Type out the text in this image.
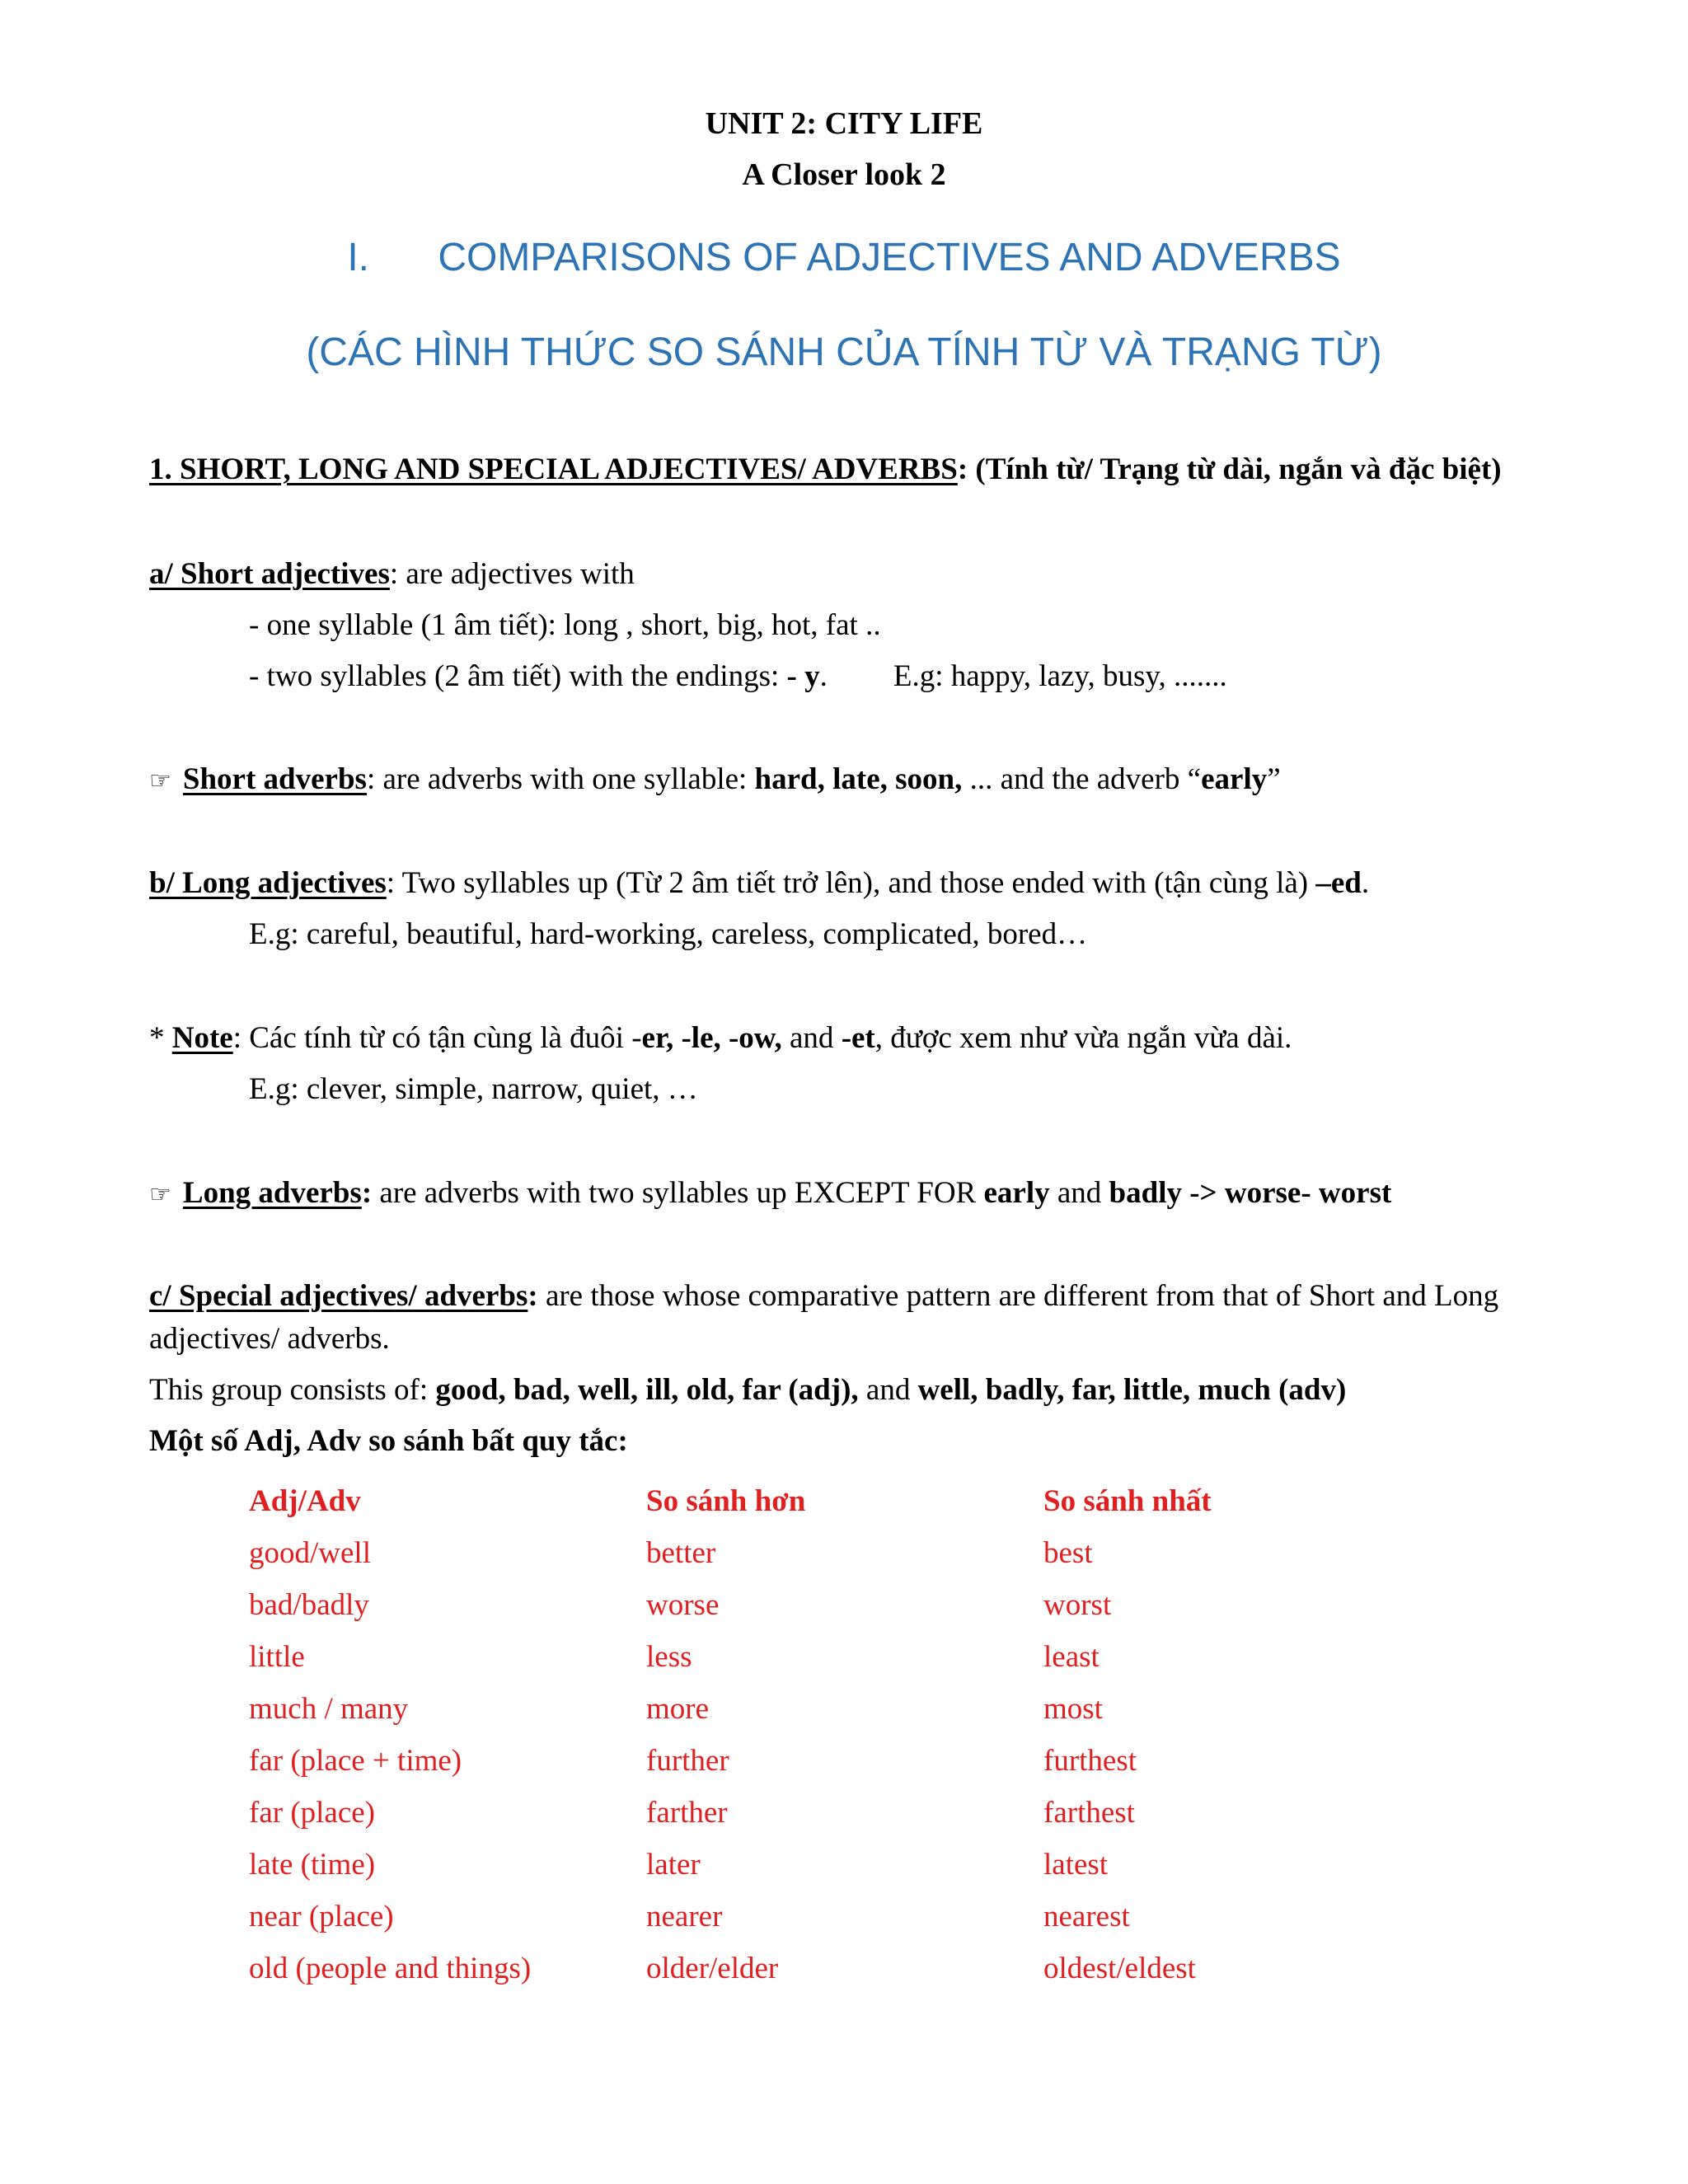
UNIT 2: CITY LIFE
A Closer look 2
I. COMPARISONS OF ADJECTIVES AND ADVERBS
(CÁC HÌNH THỨC SO SÁNH CỦA TÍNH TỪ VÀ TRẠNG TỪ)
1. SHORT, LONG AND SPECIAL ADJECTIVES/ ADVERBS: (Tính từ/ Trạng từ dài, ngắn và đặc biệt)
a/ Short adjectives: are adjectives with
- one syllable (1 âm tiết): long , short, big, hot, fat ..
- two syllables (2 âm tiết) with the endings: - y. E.g: happy, lazy, busy, .......
☞ Short adverbs: are adverbs with one syllable: hard, late, soon, ... and the adverb “early”
b/ Long adjectives: Two syllables up (Từ 2 âm tiết trở lên), and those ended with (tận cùng là) –ed.
E.g: careful, beautiful, hard-working, careless, complicated, bored…
* Note: Các tính từ có tận cùng là đuôi -er, -le, -ow, and -et, được xem như vừa ngắn vừa dài.
E.g: clever, simple, narrow, quiet, …
☞ Long adverbs: are adverbs with two syllables up EXCEPT FOR early and badly -> worse- worst
c/ Special adjectives/ adverbs: are those whose comparative pattern are different from that of Short and Long
adjectives/ adverbs.
This group consists of: good, bad, well, ill, old, far (adj), and well, badly, far, little, much (adv)
Một số Adj, Adv so sánh bất quy tắc:
Adj/Adv	So sánh hơn	So sánh nhất
good/well	better	best
bad/badly	worse	worst
little	less	least
much / many	more	most
far (place + time)	further	furthest
far (place)	farther	farthest
late (time)	later	latest
near (place)	nearer	nearest
old (people and things)	older/elder	oldest/eldest
